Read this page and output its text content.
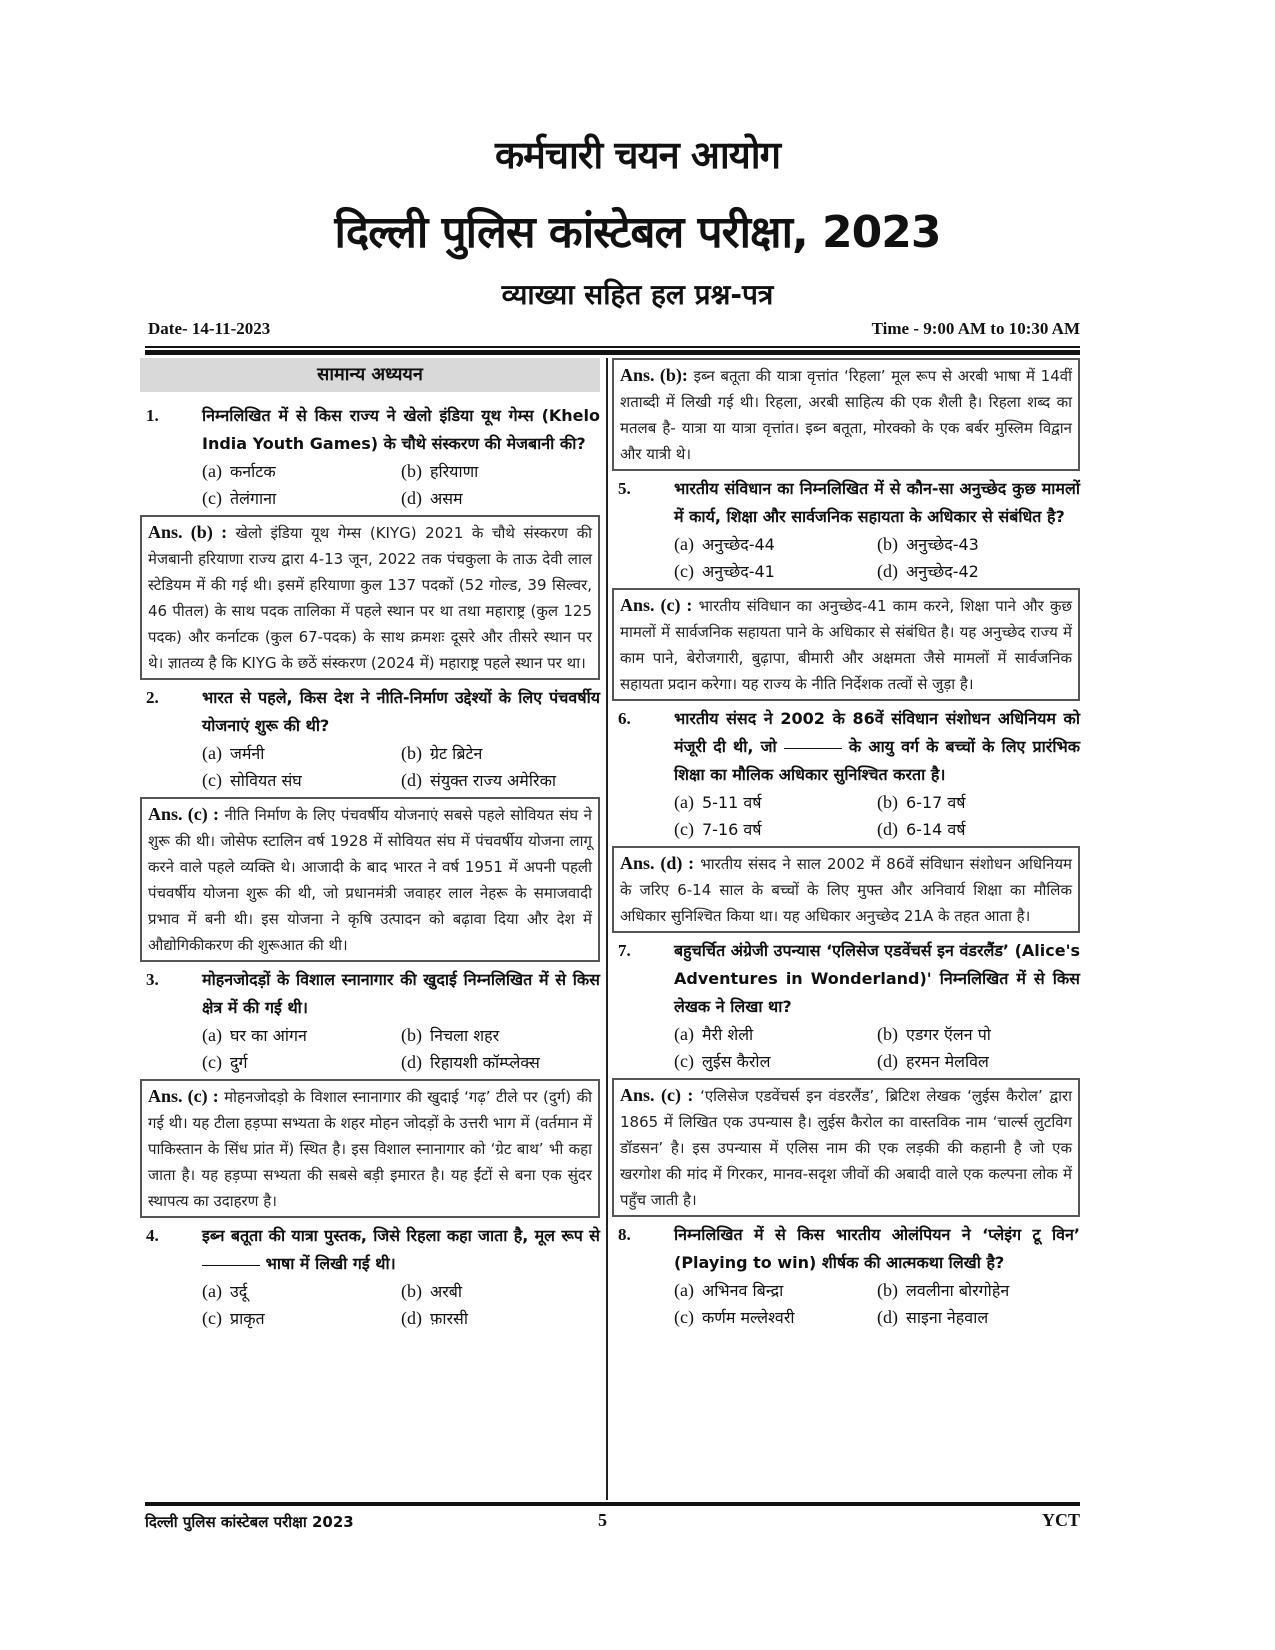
कर्मचारी चयन आयोग
दिल्ली पुलिस कांस्टेबल परीक्षा, 2023
व्याख्या सहित हल प्रश्न-पत्र
Date- 14-11-2023	Time - 9:00 AM to 10:30 AM
सामान्य अध्ययन
1.	निम्नलिखित में से किस राज्य ने खेलो इंडिया यूथ गेम्स (Khelo India Youth Games) के चौथे संस्करण की मेजबानी की?
(a) कर्नाटक	(b) हरियाणा
(c) तेलंगाना	(d) असम
Ans. (b) : खेलो इंडिया यूथ गेम्स (KIYG) 2021 के चौथे संस्करण की मेजबानी हरियाणा राज्य द्वारा 4-13 जून, 2022 तक पंचकुला के ताऊ देवी लाल स्टेडियम में की गई थी। इसमें हरियाणा कुल 137 पदकों (52 गोल्ड, 39 सिल्वर, 46 पीतल) के साथ पदक तालिका में पहले स्थान पर था तथा महाराष्ट्र (कुल 125 पदक) और कर्नाटक (कुल 67-पदक) के साथ क्रमशः दूसरे और तीसरे स्थान पर थे। ज्ञातव्य है कि KIYG के छठें संस्करण (2024 में) महाराष्ट्र पहले स्थान पर था।
2.	भारत से पहले, किस देश ने नीति-निर्माण उद्देश्यों के लिए पंचवर्षीय योजनाएं शुरू की थी?
(a) जर्मनी	(b) ग्रेट ब्रिटेन
(c) सोवियत संघ	(d) संयुक्त राज्य अमेरिका
Ans. (c) : नीति निर्माण के लिए पंचवर्षीय योजनाएं सबसे पहले सोवियत संघ ने शुरू की थी। जोसेफ स्टालिन वर्ष 1928 में सोवियत संघ में पंचवर्षीय योजना लागू करने वाले पहले व्यक्ति थे। आजादी के बाद भारत ने वर्ष 1951 में अपनी पहली पंचवर्षीय योजना शुरू की थी, जो प्रधानमंत्री जवाहर लाल नेहरू के समाजवादी प्रभाव में बनी थी। इस योजना ने कृषि उत्पादन को बढ़ावा दिया और देश में औद्योगिकीकरण की शुरूआत की थी।
3.	मोहनजोदड़ों के विशाल स्नानागार की खुदाई निम्नलिखित में से किस क्षेत्र में की गई थी।
(a) घर का आंगन	(b) निचला शहर
(c) दुर्ग	(d) रिहायशी कॉम्प्लेक्स
Ans. (c) : मोहनजोदड़ो के विशाल स्नानागार की खुदाई ‘गढ़’ टीले पर (दुर्ग) की गई थी। यह टीला हड़प्पा सभ्यता के शहर मोहन जोदड़ों के उत्तरी भाग में (वर्तमान में पाकिस्तान के सिंध प्रांत में) स्थित है। इस विशाल स्नानागार को ‘ग्रेट बाथ’ भी कहा जाता है। यह हड़प्पा सभ्यता की सबसे बड़ी इमारत है। यह ईंटों से बना एक सुंदर स्थापत्य का उदाहरण है।
4.	इब्न बतूता की यात्रा पुस्तक, जिसे रिहला कहा जाता है, मूल रूप से  भाषा में लिखी गई थी।
(a) उर्दू	(b) अरबी
(c) प्राकृत	(d) फ़ारसी
Ans. (b): इब्न बतूता की यात्रा वृत्तांत ‘रिहला’ मूल रूप से अरबी भाषा में 14वीं शताब्दी में लिखी गई थी। रिहला, अरबी साहित्य की एक शैली है। रिहला शब्द का मतलब है- यात्रा या यात्रा वृत्तांत। इब्न बतूता, मोरक्को के एक बर्बर मुस्लिम विद्वान और यात्री थे।
5.	भारतीय संविधान का निम्नलिखित में से कौन-सा अनुच्छेद कुछ मामलों में कार्य, शिक्षा और सार्वजनिक सहायता के अधिकार से संबंधित है?
(a) अनुच्छेद-44	(b) अनुच्छेद-43
(c) अनुच्छेद-41	(d) अनुच्छेद-42
Ans. (c) : भारतीय संविधान का अनुच्छेद-41 काम करने, शिक्षा पाने और कुछ मामलों में सार्वजनिक सहायता पाने के अधिकार से संबंधित है। यह अनुच्छेद राज्य में काम पाने, बेरोजगारी, बुढ़ापा, बीमारी और अक्षमता जैसे मामलों में सार्वजनिक सहायता प्रदान करेगा। यह राज्य के नीति निर्देशक तत्वों से जुड़ा है।
6.	भारतीय संसद ने 2002 के 86वें संविधान संशोधन अधिनियम को मंजूरी दी थी, जो	के आयु वर्ग के बच्चों के लिए प्रारंभिक शिक्षा का मौलिक अधिकार सुनिश्चित करता है।
(a) 5-11 वर्ष	(b) 6-17 वर्ष
(c) 7-16 वर्ष	(d) 6-14 वर्ष
Ans. (d) : भारतीय संसद ने साल 2002 में 86वें संविधान संशोधन अधिनियम के जरिए 6-14 साल के बच्चों के लिए मुफ्त और अनिवार्य शिक्षा का मौलिक अधिकार सुनिश्चित किया था। यह अधिकार अनुच्छेद 21A के तहत आता है।
7.	बहुचर्चित अंग्रेजी उपन्यास ‘एलिसेज एडवेंचर्स इन वंडरलैंड’ (Alice's Adventures in Wonderland)' निम्नलिखित में से किस लेखक ने लिखा था?
(a) मैरी शेली	(b) एडगर ऍलन पो
(c) लुईस कैरोल	(d) हरमन मेलविल
Ans. (c) : ‘एलिसेज एडवेंचर्स इन वंडरलैंड’, ब्रिटिश लेखक ‘लुईस कैरोल’ द्वारा 1865 में लिखित एक उपन्यास है। लुईस कैरोल का वास्तविक नाम ‘चार्ल्स लुटविग डॉडसन’ है। इस उपन्यास में एलिस नाम की एक लड़की की कहानी है जो एक खरगोश की मांद में गिरकर, मानव-सदृश जीवों की अबादी वाले एक कल्पना लोक में पहुँच जाती है।
8.	निम्नलिखित में से किस भारतीय ओलंपियन ने ‘प्लेइंग टू विन’ (Playing to win) शीर्षक की आत्मकथा लिखी है?
(a) अभिनव बिन्द्रा	(b) लवलीना बोरगोहेन
(c) कर्णम मल्लेश्वरी	(d) साइना नेहवाल
दिल्ली पुलिस कांस्टेबल परीक्षा 2023	5	YCT
